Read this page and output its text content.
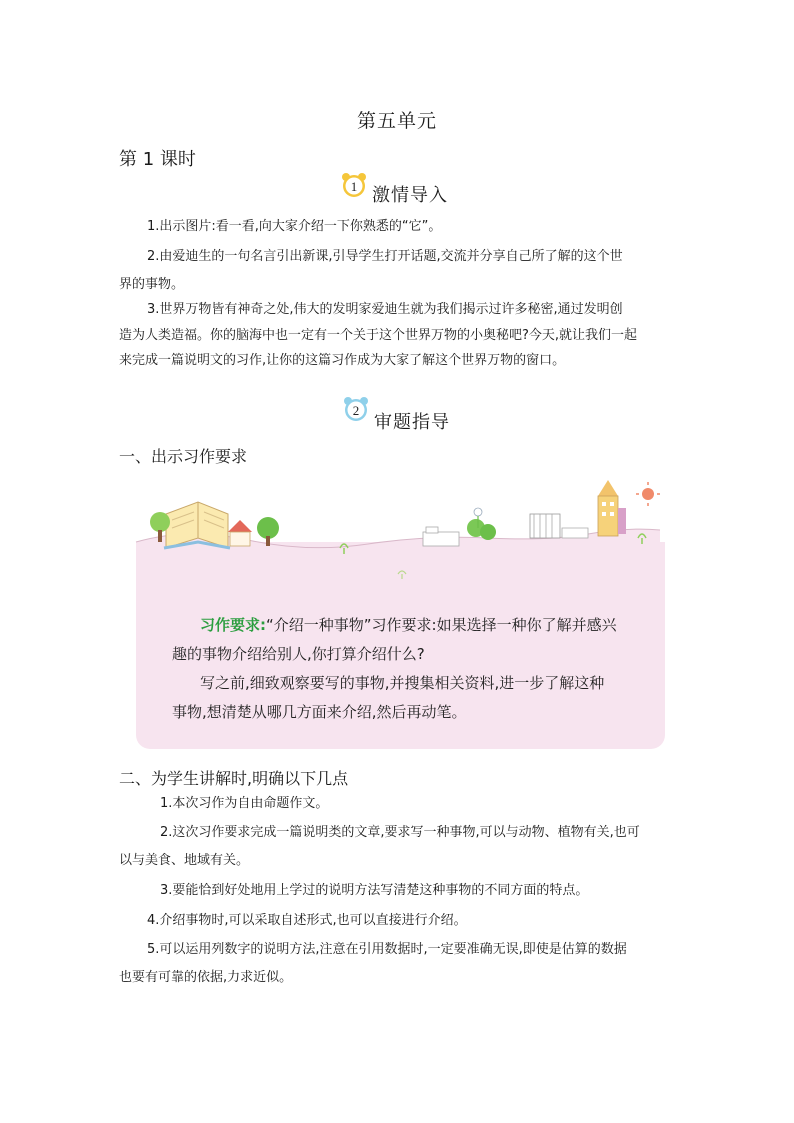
第五单元
第 1 课时
1 激情导入
1.出示图片:看一看,向大家介绍一下你熟悉的“它”。
2.由爱迪生的一句名言引出新课,引导学生打开话题,交流并分享自己所了解的这个世
界的事物。
3.世界万物皆有神奇之处,伟大的发明家爱迪生就为我们揭示过许多秘密,通过发明创
造为人类造福。你的脑海中也一定有一个关于这个世界万物的小奥秘吧?今天,就让我们一起
来完成一篇说明文的习作,让你的这篇习作成为大家了解这个世界万物的窗口。
2
审题指导
一、出示习作要求
习作要求:“介绍一种事物”习作要求:如果选择一种你了解并感兴
趣的事物介绍给别人,你打算介绍什么?
写之前,细致观察要写的事物,并搜集相关资料,进一步了解这种
事物,想清楚从哪几方面来介绍,然后再动笔。
二、为学生讲解时,明确以下几点
1.本次习作为自由命题作文。
2.这次习作要求完成一篇说明类的文章,要求写一种事物,可以与动物、植物有关,也可
以与美食、地域有关。
3.要能恰到好处地用上学过的说明方法写清楚这种事物的不同方面的特点。
4.介绍事物时,可以采取自述形式,也可以直接进行介绍。
5.可以运用列数字的说明方法,注意在引用数据时,一定要准确无误,即使是估算的数据
也要有可靠的依据,力求近似。
